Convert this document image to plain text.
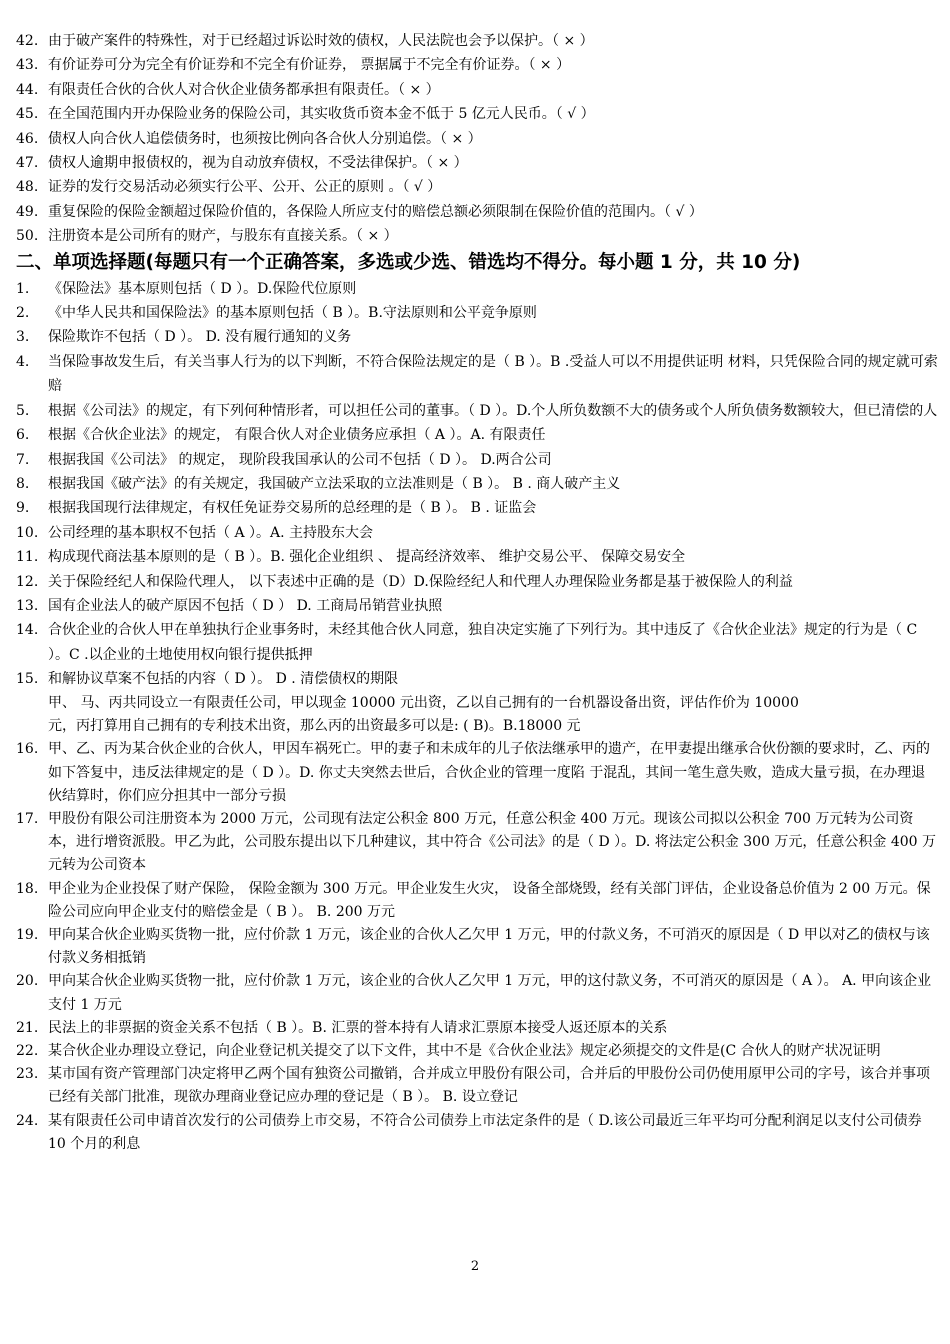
42. 由于破产案件的特殊性，对于已经超过诉讼时效的债权，人民法院也会予以保护。（ × ）
43. 有价证券可分为完全有价证券和不完全有价证券， 票据属于不完全有价证券。（ × ）
44. 有限责任合伙的合伙人对合伙企业债务都承担有限责任。（ × ）
45. 在全国范围内开办保险业务的保险公司，其实收货币资本金不低于 5 亿元人民币。（ √ ）
46. 债权人向合伙人追偿债务时，也须按比例向各合伙人分别追偿。（ × ）
47. 债权人逾期申报债权的，视为自动放弃债权，不受法律保护。（ × ）
48. 证券的发行交易活动必须实行公平、公开、公正的原则 。（ √ ）
49. 重复保险的保险金额超过保险价值的，各保险人所应支付的赔偿总额必须限制在保险价值的范围内。（ √ ）
50. 注册资本是公司所有的财产，与股东有直接关系。（ × ）
二、单项选择题(每题只有一个正确答案，多选或少选、错选均不得分。每小题 1 分，共 10 分)
1.	《保险法》基本原则包括（ D ）。D.保险代位原则
2.	《中华人民共和国保险法》的基本原则包括（ B ）。B.守法原则和公平竞争原则
3.	保险欺诈不包括（ D ）。 D. 没有履行通知的义务
4.	当保险事故发生后，有关当事人行为的以下判断，不符合保险法规定的是（ B ）。B .受益人可以不用提供证明 材料，只凭保险合同的规定就可索赔
5.	根据《公司法》的规定，有下列何种情形者，可以担任公司的董事。（ D ）。D.个人所负数额不大的债务或个人所负债务数额较大，但已清偿的人
6.	根据《合伙企业法》的规定， 有限合伙人对企业债务应承担（ A ）。A. 有限责任
7.	根据我国《公司法》 的规定， 现阶段我国承认的公司不包括（ D ）。 D.两合公司
8.	根据我国《破产法》的有关规定，我国破产立法采取的立法准则是（ B ）。 B . 商人破产主义
9.	根据我国现行法律规定，有权任免证券交易所的总经理的是（ B ）。 B . 证监会
10. 公司经理的基本职权不包括（ A ）。A. 主持股东大会
11. 构成现代商法基本原则的是（ B ）。B. 强化企业组织 、 提高经济效率、 维护交易公平、 保障交易安全
12. 关于保险经纪人和保险代理人， 以下表述中正确的是（D）D.保险经纪人和代理人办理保险业务都是基于被保险人的利益
13. 国有企业法人的破产原因不包括（ D ） D. 工商局吊销营业执照
14. 合伙企业的合伙人甲在单独执行企业事务时，未经其他合伙人同意，独自决定实施了下列行为。其中违反了《合伙企业法》规定的行为是（ C ）。C .以企业的土地使用权向银行提供抵押
15. 和解协议草案不包括的内容（ D ）。 D . 清偿债权的期限
甲、 马、丙共同设立一有限责任公司，甲以现金 10000 元出资，乙以自己拥有的一台机器设备出资，评估作价为 10000
元，丙打算用自己拥有的专利技术出资，那么丙的出资最多可以是: ( B)。B.18000 元
16. 甲、乙、丙为某合伙企业的合伙人，甲因车祸死亡。甲的妻子和未成年的儿子依法继承甲的遗产，在甲妻提出继承合伙份额的要求时，乙、丙的如下答复中，违反法律规定的是（ D ）。D. 你丈夫突然去世后，合伙企业的管理一度陷 于混乱，其间一笔生意失败，造成大量亏损，在办理退伙结算时，你们应分担其中一部分亏损
17. 甲股份有限公司注册资本为 2000 万元，公司现有法定公积金 800 万元，任意公积金 400 万元。现该公司拟以公积金 700 万元转为公司资本，进行增资派股。甲乙为此，公司股东提出以下几种建议，其中符合《公司法》的是（ D ）。D. 将法定公积金 300 万元，任意公积金 400 万元转为公司资本
18. 甲企业为企业投保了财产保险， 保险金额为 300 万元。甲企业发生火灾， 设备全部烧毁，经有关部门评估，企业设备总价值为 2 00 万元。保险公司应向甲企业支付的赔偿金是（ B ）。 B. 200 万元
19. 甲向某合伙企业购买货物一批，应付价款 1 万元，该企业的合伙人乙欠甲 1 万元，甲的付款义务，不可消灭的原因是（ D 甲以对乙的债权与该付款义务相抵销
20. 甲向某合伙企业购买货物一批，应付价款 1 万元，该企业的合伙人乙欠甲 1 万元，甲的这付款义务，不可消灭的原因是（ A ）。 A. 甲向该企业支付 1 万元
21. 民法上的非票据的资金关系不包括（ B ）。B. 汇票的誉本持有人请求汇票原本接受人返还原本的关系
22. 某合伙企业办理设立登记，向企业登记机关提交了以下文件，其中不是《合伙企业法》规定必须提交的文件是(C 合伙人的财产状况证明
23. 某市国有资产管理部门决定将甲乙两个国有独资公司撤销，合并成立甲股份有限公司，合并后的甲股份公司仍使用原甲公司的字号，该合并事项已经有关部门批准，现欲办理商业登记应办理的登记是（ B ）。 B. 设立登记
24. 某有限责任公司申请首次发行的公司债券上市交易，不符合公司债券上市法定条件的是（ D.该公司最近三年平均可分配利润足以支付公司债券 10 个月的利息
2
